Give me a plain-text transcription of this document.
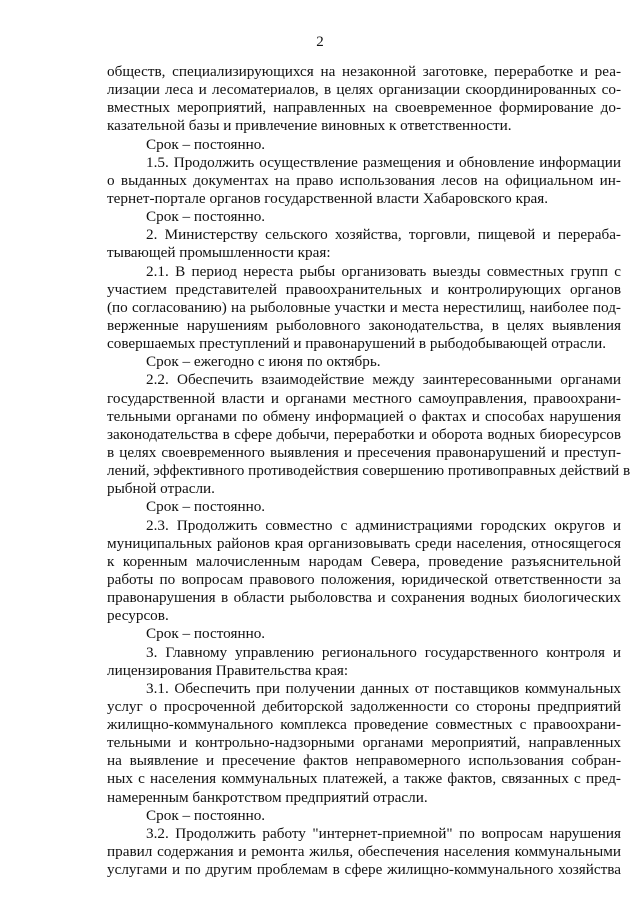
2
обществ, специализирующихся на незаконной заготовке, переработке и реа-
лизации леса и лесоматериалов, в целях организации скоординированных со-
вместных мероприятий, направленных на своевременное формирование до-
казательной базы и привлечение виновных к ответственности.
Срок – постоянно.
1.5. Продолжить осуществление размещения и обновление информации
о выданных документах на право использования лесов на официальном ин-
тернет-портале органов государственной власти Хабаровского края.
Срок – постоянно.
2. Министерству сельского хозяйства, торговли, пищевой и перераба-
тывающей промышленности края:
2.1. В период нереста рыбы организовать выезды совместных групп с
участием представителей правоохранительных и контролирующих органов
(по согласованию) на рыболовные участки и места нерестилищ, наиболее под-
верженные нарушениям рыболовного законодательства, в целях выявления
совершаемых преступлений и правонарушений в рыбодобывающей отрасли.
Срок – ежегодно с июня по октябрь.
2.2. Обеспечить взаимодействие между заинтересованными органами
государственной власти и органами местного самоуправления, правоохрани-
тельными органами по обмену информацией о фактах и способах нарушения
законодательства в сфере добычи, переработки и оборота водных биоресурсов
в целях своевременного выявления и пресечения правонарушений и преступ-
лений, эффективного противодействия совершению противоправных действий в
рыбной отрасли.
Срок – постоянно.
2.3. Продолжить совместно с администрациями городских округов и
муниципальных районов края организовывать среди населения, относящегося
к коренным малочисленным народам Севера, проведение разъяснительной
работы по вопросам правового положения, юридической ответственности за
правонарушения в области рыболовства и сохранения водных биологических
ресурсов.
Срок – постоянно.
3. Главному управлению регионального государственного контроля и
лицензирования Правительства края:
3.1. Обеспечить при получении данных от поставщиков коммунальных
услуг о просроченной дебиторской задолженности со стороны предприятий
жилищно-коммунального комплекса проведение совместных с правоохрани-
тельными и контрольно-надзорными органами мероприятий, направленных
на выявление и пресечение фактов неправомерного использования собран-
ных с населения коммунальных платежей, а также фактов, связанных с пред-
намеренным банкротством предприятий отрасли.
Срок – постоянно.
3.2. Продолжить работу "интернет-приемной" по вопросам нарушения
правил содержания и ремонта жилья, обеспечения населения коммунальными
услугами и по другим проблемам в сфере жилищно-коммунального хозяйства
